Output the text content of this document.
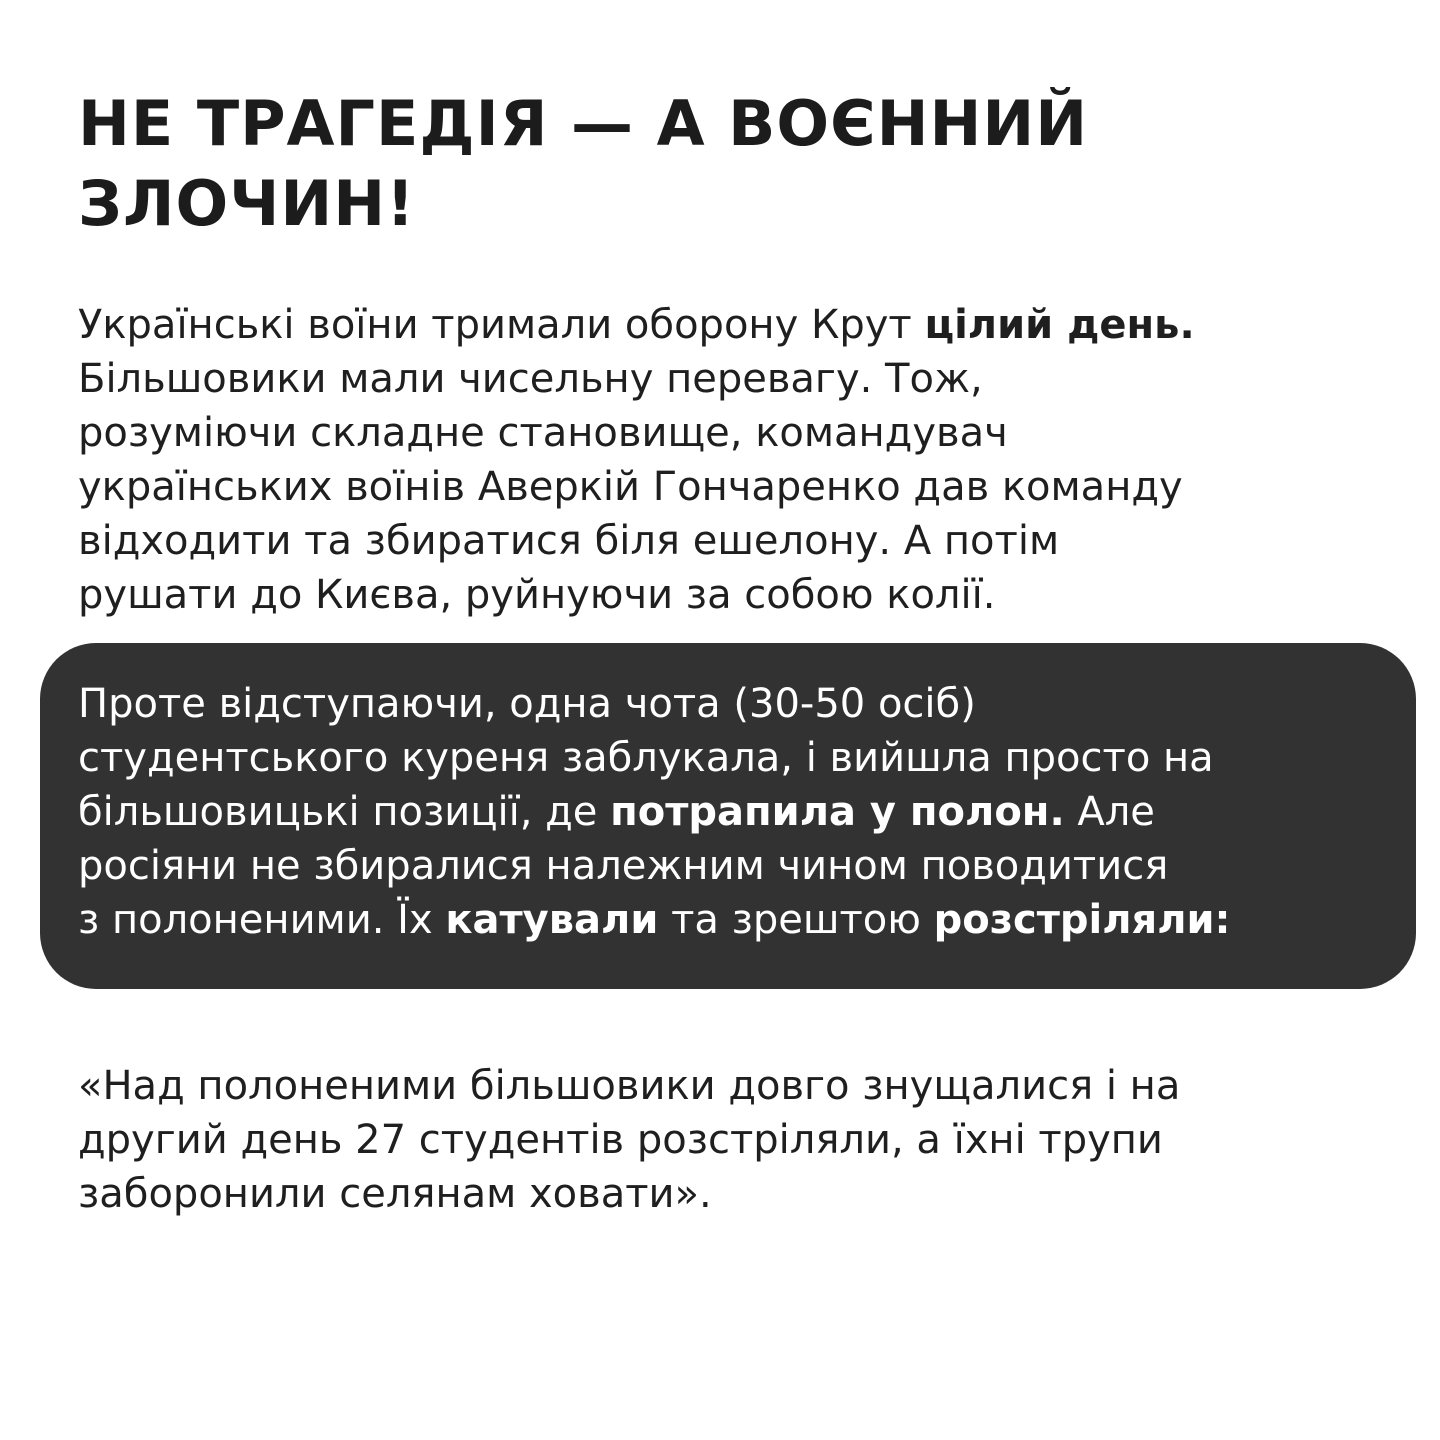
НЕ ТРАГЕДІЯ — А ВОЄННИЙ
ЗЛОЧИН!

Українські воїни тримали оборону Крут цілий день.
Більшовики мали чисельну перевагу. Тож,
розуміючи складне становище, командувач
українських воїнів Аверкій Гончаренко дав команду
відходити та збиратися біля ешелону. А потім
рушати до Києва, руйнуючи за собою колії.

Проте відступаючи, одна чота (30-50 осіб)
студентського куреня заблукала, і вийшла просто на
більшовицькі позиції, де потрапила у полон. Але
росіяни не збиралися належним чином поводитися
з полоненими. Їх катували та зрештою розстріляли:

«Над полоненими більшовики довго знущалися і на
другий день 27 студентів розстріляли, а їхні трупи
заборонили селянам ховати».
